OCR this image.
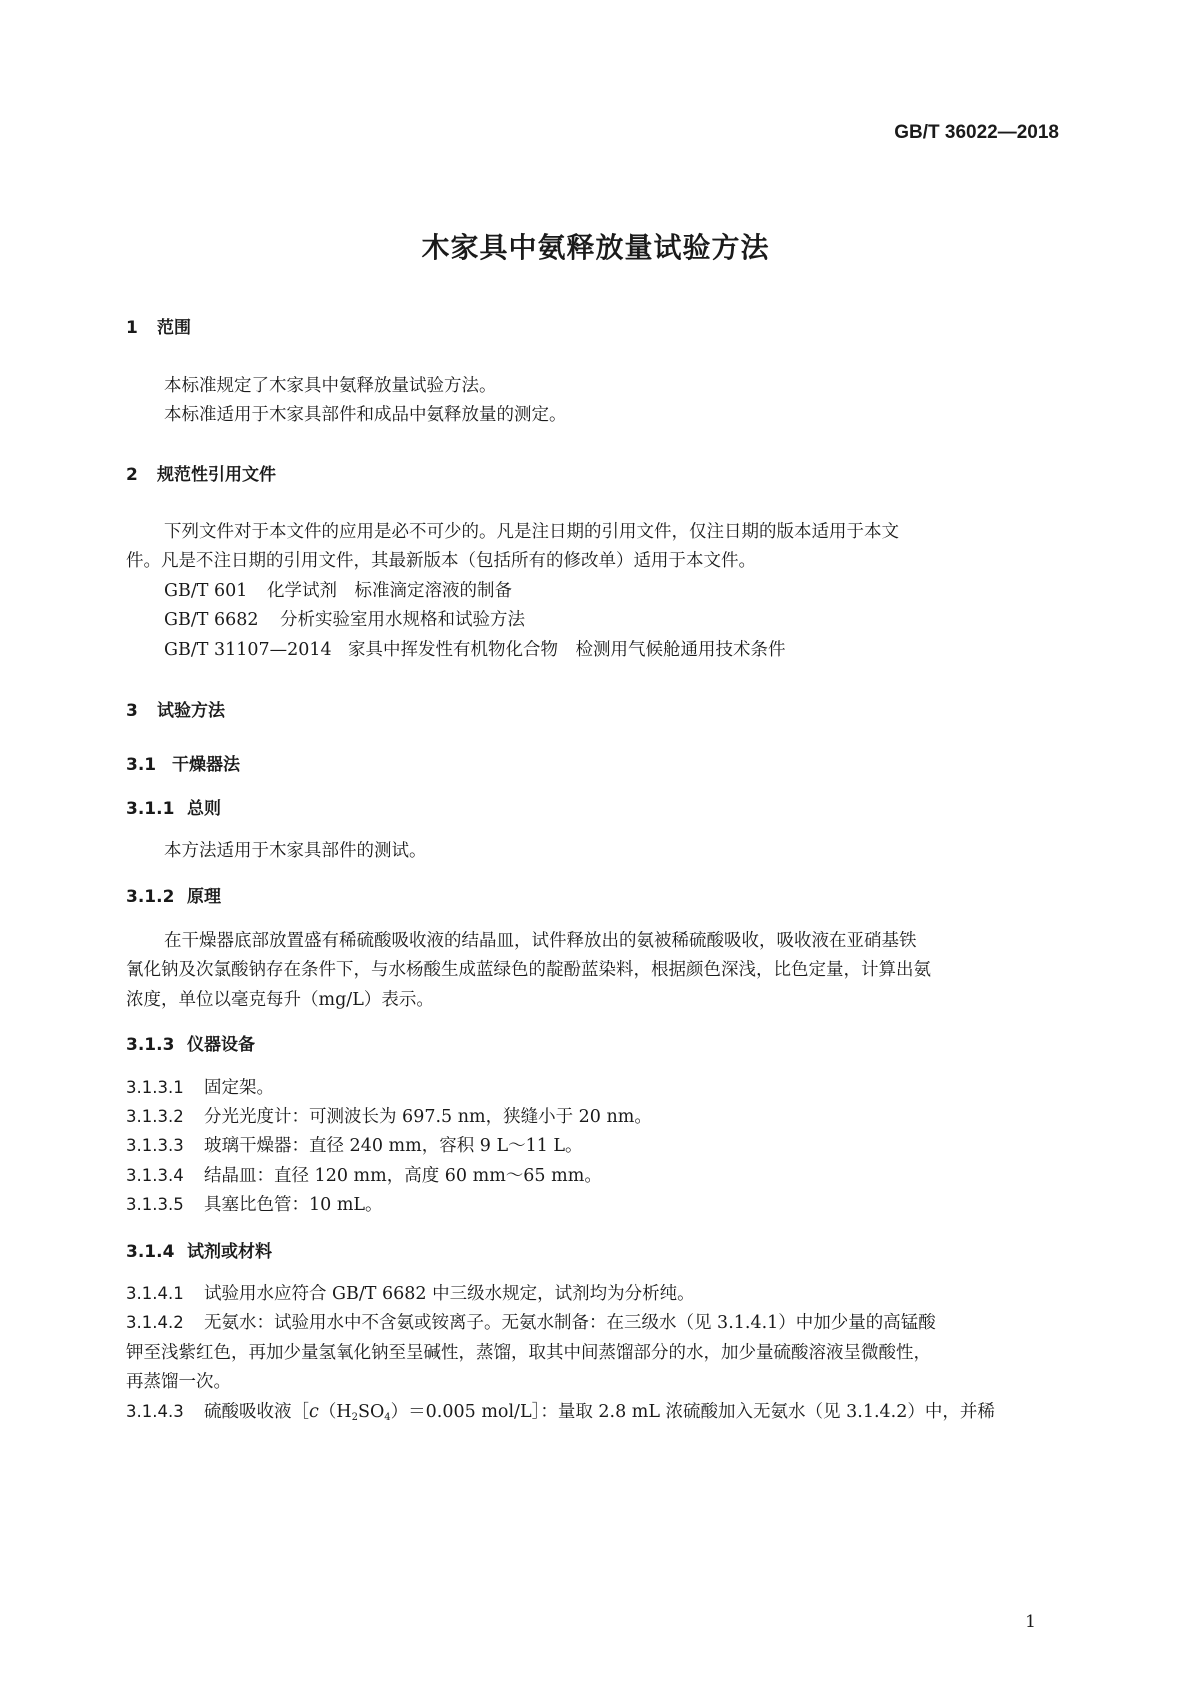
GB/T 36022—2018
木家具中氨释放量试验方法
1 范围
本标准规定了木家具中氨释放量试验方法。
本标准适用于木家具部件和成品中氨释放量的测定。
2 规范性引用文件
下列文件对于本文件的应用是必不可少的。凡是注日期的引用文件，仅注日期的版本适用于本文
件。凡是不注日期的引用文件，其最新版本（包括所有的修改单）适用于本文件。
GB/T 601 化学试剂　标准滴定溶液的制备
GB/T 6682 分析实验室用水规格和试验方法
GB/T 31107—2014 家具中挥发性有机物化合物　检测用气候舱通用技术条件
3 试验方法
3.1 干燥器法
3.1.1 总则
本方法适用于木家具部件的测试。
3.1.2 原理
在干燥器底部放置盛有稀硫酸吸收液的结晶皿，试件释放出的氨被稀硫酸吸收，吸收液在亚硝基铁
氰化钠及次氯酸钠存在条件下，与水杨酸生成蓝绿色的靛酚蓝染料，根据颜色深浅，比色定量，计算出氨
浓度，单位以毫克每升（mg/L）表示。
3.1.3 仪器设备
3.1.3.1 固定架。
3.1.3.2 分光光度计：可测波长为 697.5 nm，狭缝小于 20 nm。
3.1.3.3 玻璃干燥器：直径 240 mm，容积 9 L～11 L。
3.1.3.4 结晶皿：直径 120 mm，高度 60 mm～65 mm。
3.1.3.5 具塞比色管：10 mL。
3.1.4 试剂或材料
3.1.4.1 试验用水应符合 GB/T 6682 中三级水规定，试剂均为分析纯。
3.1.4.2 无氨水：试验用水中不含氨或铵离子。无氨水制备：在三级水（见 3.1.4.1）中加少量的高锰酸
钾至浅紫红色，再加少量氢氧化钠至呈碱性，蒸馏，取其中间蒸馏部分的水，加少量硫酸溶液呈微酸性，
再蒸馏一次。
3.1.4.3 硫酸吸收液$[c(H_2SO_4)=0.005$ mol/L］：量取 2.8 mL 浓硫酸加入无氨水（见 3.1.4.2）中，并稀
1
